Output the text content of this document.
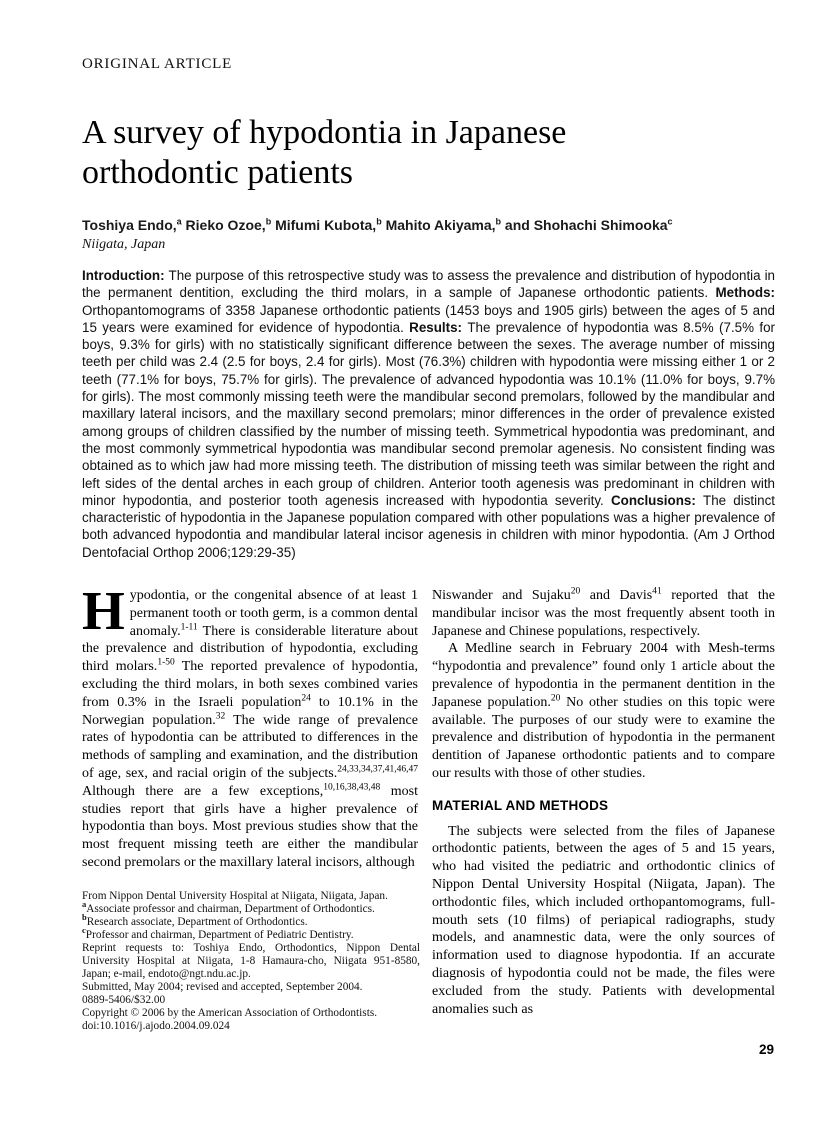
ORIGINAL ARTICLE
A survey of hypodontia in Japanese orthodontic patients
Toshiya Endo,$^a$ Rieko Ozoe,$^b$ Mifumi Kubota,$^b$ Mahito Akiyama,$^b$ and Shohachi Shimooka$^c$
Niigata, Japan
Introduction: The purpose of this retrospective study was to assess the prevalence and distribution of hypodontia in the permanent dentition, excluding the third molars, in a sample of Japanese orthodontic patients. Methods: Orthopantomograms of 3358 Japanese orthodontic patients (1453 boys and 1905 girls) between the ages of 5 and 15 years were examined for evidence of hypodontia. Results: The prevalence of hypodontia was 8.5% (7.5% for boys, 9.3% for girls) with no statistically significant difference between the sexes. The average number of missing teeth per child was 2.4 (2.5 for boys, 2.4 for girls). Most (76.3%) children with hypodontia were missing either 1 or 2 teeth (77.1% for boys, 75.7% for girls). The prevalence of advanced hypodontia was 10.1% (11.0% for boys, 9.7% for girls). The most commonly missing teeth were the mandibular second premolars, followed by the mandibular and maxillary lateral incisors, and the maxillary second premolars; minor differences in the order of prevalence existed among groups of children classified by the number of missing teeth. Symmetrical hypodontia was predominant, and the most commonly symmetrical hypodontia was mandibular second premolar agenesis. No consistent finding was obtained as to which jaw had more missing teeth. The distribution of missing teeth was similar between the right and left sides of the dental arches in each group of children. Anterior tooth agenesis was predominant in children with minor hypodontia, and posterior tooth agenesis increased with hypodontia severity. Conclusions: The distinct characteristic of hypodontia in the Japanese population compared with other populations was a higher prevalence of both advanced hypodontia and mandibular lateral incisor agenesis in children with minor hypodontia. (Am J Orthod Dentofacial Orthop 2006;129:29-35)

Hypodontia, or the congenital absence of at least 1 permanent tooth or tooth germ, is a common dental anomaly.$^{1-11}$ There is considerable literature about the prevalence and distribution of hypodontia, excluding third molars.$^{1-50}$ The reported prevalence of hypodontia, excluding the third molars, in both sexes combined varies from 0.3% in the Israeli population$^{24}$ to 10.1% in the Norwegian population.$^{32}$ The wide range of prevalence rates of hypodontia can be attributed to differences in the methods of sampling and examination, and the distribution of age, sex, and racial origin of the subjects.$^{24,33,34,37,41,46,47}$ Although there are a few exceptions,$^{10,16,38,43,48}$ most studies report that girls have a higher prevalence of hypodontia than boys. Most previous studies show that the most frequent missing teeth are either the mandibular second premolars or the maxillary lateral incisors, although

From Nippon Dental University Hospital at Niigata, Niigata, Japan.
$^a$Associate professor and chairman, Department of Orthodontics.
$^b$Research associate, Department of Orthodontics.
$^c$Professor and chairman, Department of Pediatric Dentistry.
Reprint requests to: Toshiya Endo, Orthodontics, Nippon Dental University Hospital at Niigata, 1-8 Hamaura-cho, Niigata 951-8580, Japan; e-mail, endoto@ngt.ndu.ac.jp.
Submitted, May 2004; revised and accepted, September 2004.
0889-5406/$32.00
Copyright © 2006 by the American Association of Orthodontists.
doi:10.1016/j.ajodo.2004.09.024

Niswander and Sujaku$^{20}$ and Davis$^{41}$ reported that the mandibular incisor was the most frequently absent tooth in Japanese and Chinese populations, respectively.

A Medline search in February 2004 with Mesh-terms “hypodontia and prevalence” found only 1 article about the prevalence of hypodontia in the permanent dentition in the Japanese population.$^{20}$ No other studies on this topic were available. The purposes of our study were to examine the prevalence and distribution of hypodontia in the permanent dentition of Japanese orthodontic patients and to compare our results with those of other studies.

MATERIAL AND METHODS

The subjects were selected from the files of Japanese orthodontic patients, between the ages of 5 and 15 years, who had visited the pediatric and orthodontic clinics of Nippon Dental University Hospital (Niigata, Japan). The orthodontic files, which included orthopantomograms, full-mouth sets (10 films) of periapical radiographs, study models, and anamnestic data, were the only sources of information used to diagnose hypodontia. If an accurate diagnosis of hypodontia could not be made, the files were excluded from the study. Patients with developmental anomalies such as

29
